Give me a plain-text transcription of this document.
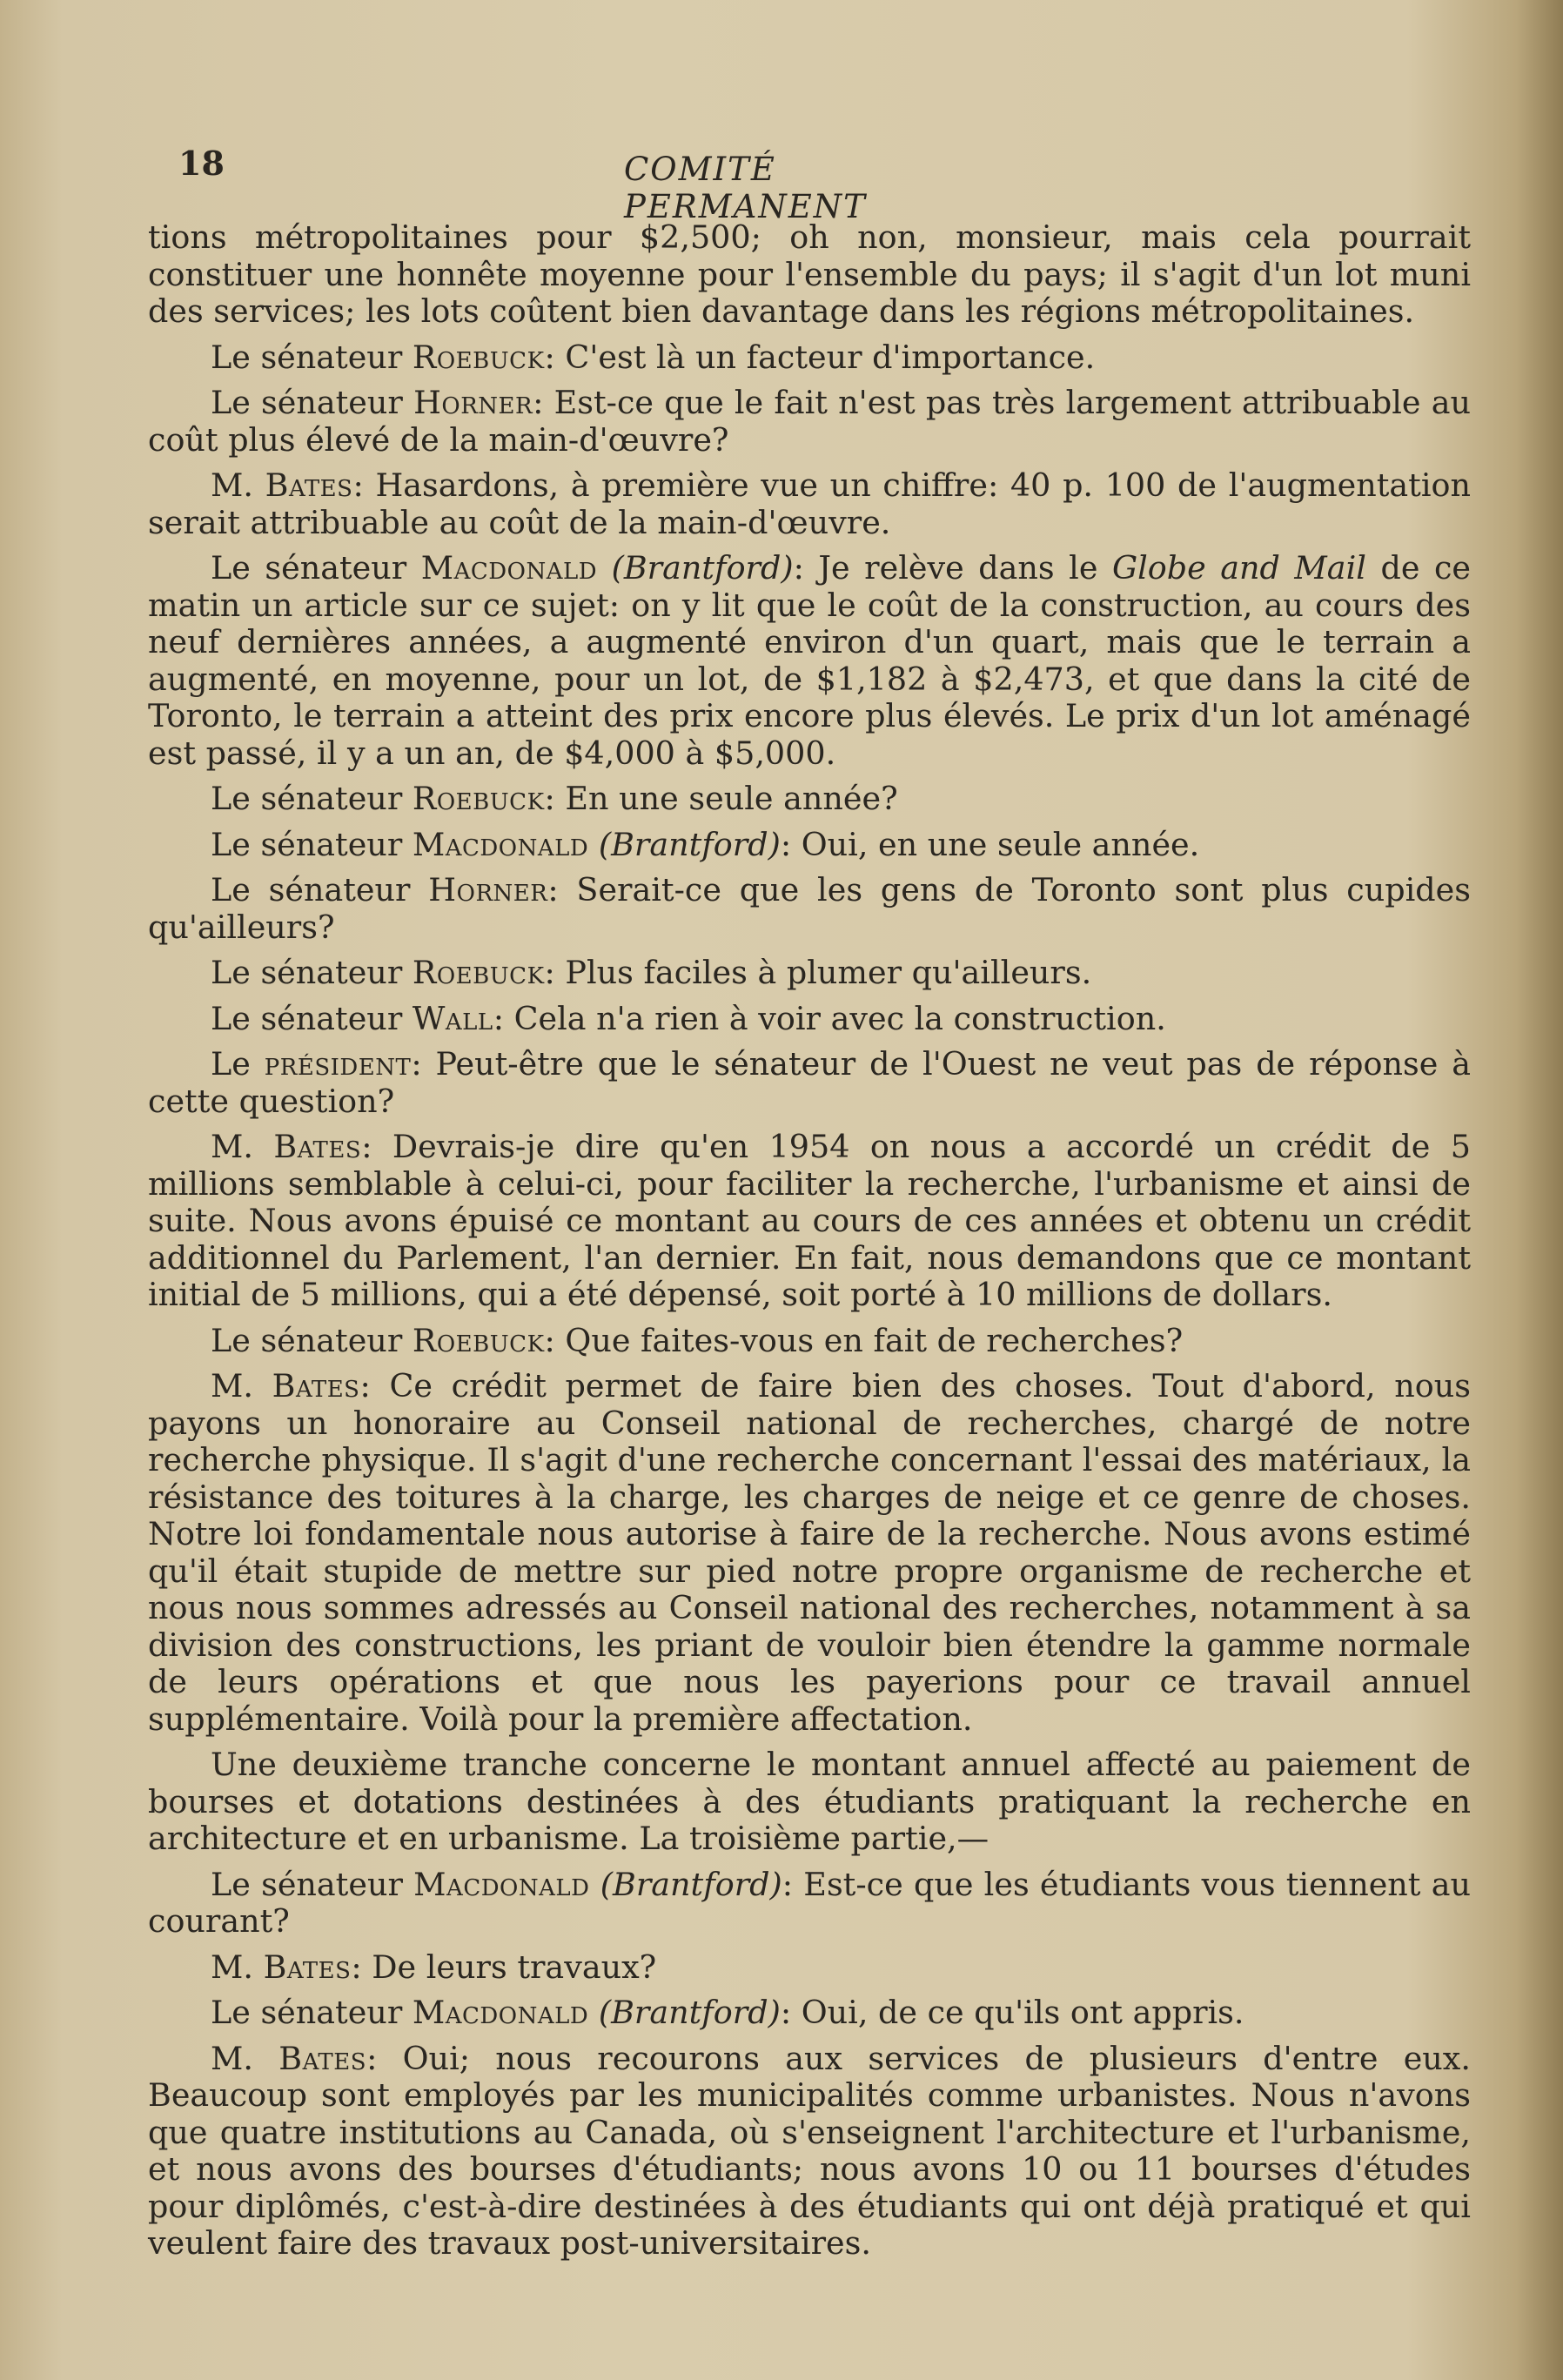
18	COMITÉ PERMANENT

tions métropolitaines pour $2,500; oh non, monsieur, mais cela pourrait constituer une honnête moyenne pour l'ensemble du pays; il s'agit d'un lot muni des services; les lots coûtent bien davantage dans les régions métropolitaines.

Le sénateur Roebuck: C'est là un facteur d'importance.

Le sénateur Horner: Est-ce que le fait n'est pas très largement attribuable au coût plus élevé de la main-d'œuvre?

M. Bates: Hasardons, à première vue un chiffre: 40 p. 100 de l'augmentation serait attribuable au coût de la main-d'œuvre.

Le sénateur Macdonald (Brantford): Je relève dans le Globe and Mail de ce matin un article sur ce sujet: on y lit que le coût de la construction, au cours des neuf dernières années, a augmenté environ d'un quart, mais que le terrain a augmenté, en moyenne, pour un lot, de $1,182 à $2,473, et que dans la cité de Toronto, le terrain a atteint des prix encore plus élevés. Le prix d'un lot aménagé est passé, il y a un an, de $4,000 à $5,000.

Le sénateur Roebuck: En une seule année?

Le sénateur Macdonald (Brantford): Oui, en une seule année.

Le sénateur Horner: Serait-ce que les gens de Toronto sont plus cupides qu'ailleurs?

Le sénateur Roebuck: Plus faciles à plumer qu'ailleurs.

Le sénateur Wall: Cela n'a rien à voir avec la construction.

Le président: Peut-être que le sénateur de l'Ouest ne veut pas de réponse à cette question?

M. Bates: Devrais-je dire qu'en 1954 on nous a accordé un crédit de 5 millions semblable à celui-ci, pour faciliter la recherche, l'urbanisme et ainsi de suite. Nous avons épuisé ce montant au cours de ces années et obtenu un crédit additionnel du Parlement, l'an dernier. En fait, nous demandons que ce montant initial de 5 millions, qui a été dépensé, soit porté à 10 millions de dollars.

Le sénateur Roebuck: Que faites-vous en fait de recherches?

M. Bates: Ce crédit permet de faire bien des choses. Tout d'abord, nous payons un honoraire au Conseil national de recherches, chargé de notre recherche physique. Il s'agit d'une recherche concernant l'essai des matériaux, la résistance des toitures à la charge, les charges de neige et ce genre de choses. Notre loi fondamentale nous autorise à faire de la recherche. Nous avons estimé qu'il était stupide de mettre sur pied notre propre organisme de recherche et nous nous sommes adressés au Conseil national des recherches, notamment à sa division des constructions, les priant de vouloir bien étendre la gamme normale de leurs opérations et que nous les payerions pour ce travail annuel supplémentaire. Voilà pour la première affectation.

Une deuxième tranche concerne le montant annuel affecté au paiement de bourses et dotations destinées à des étudiants pratiquant la recherche en architecture et en urbanisme. La troisième partie,—

Le sénateur Macdonald (Brantford): Est-ce que les étudiants vous tiennent au courant?

M. Bates: De leurs travaux?

Le sénateur Macdonald (Brantford): Oui, de ce qu'ils ont appris.

M. Bates: Oui; nous recourons aux services de plusieurs d'entre eux. Beaucoup sont employés par les municipalités comme urbanistes. Nous n'avons que quatre institutions au Canada, où s'enseignent l'architecture et l'urbanisme, et nous avons des bourses d'étudiants; nous avons 10 ou 11 bourses d'études pour diplômés, c'est-à-dire destinées à des étudiants qui ont déjà pratiqué et qui veulent faire des travaux post-universitaires.
